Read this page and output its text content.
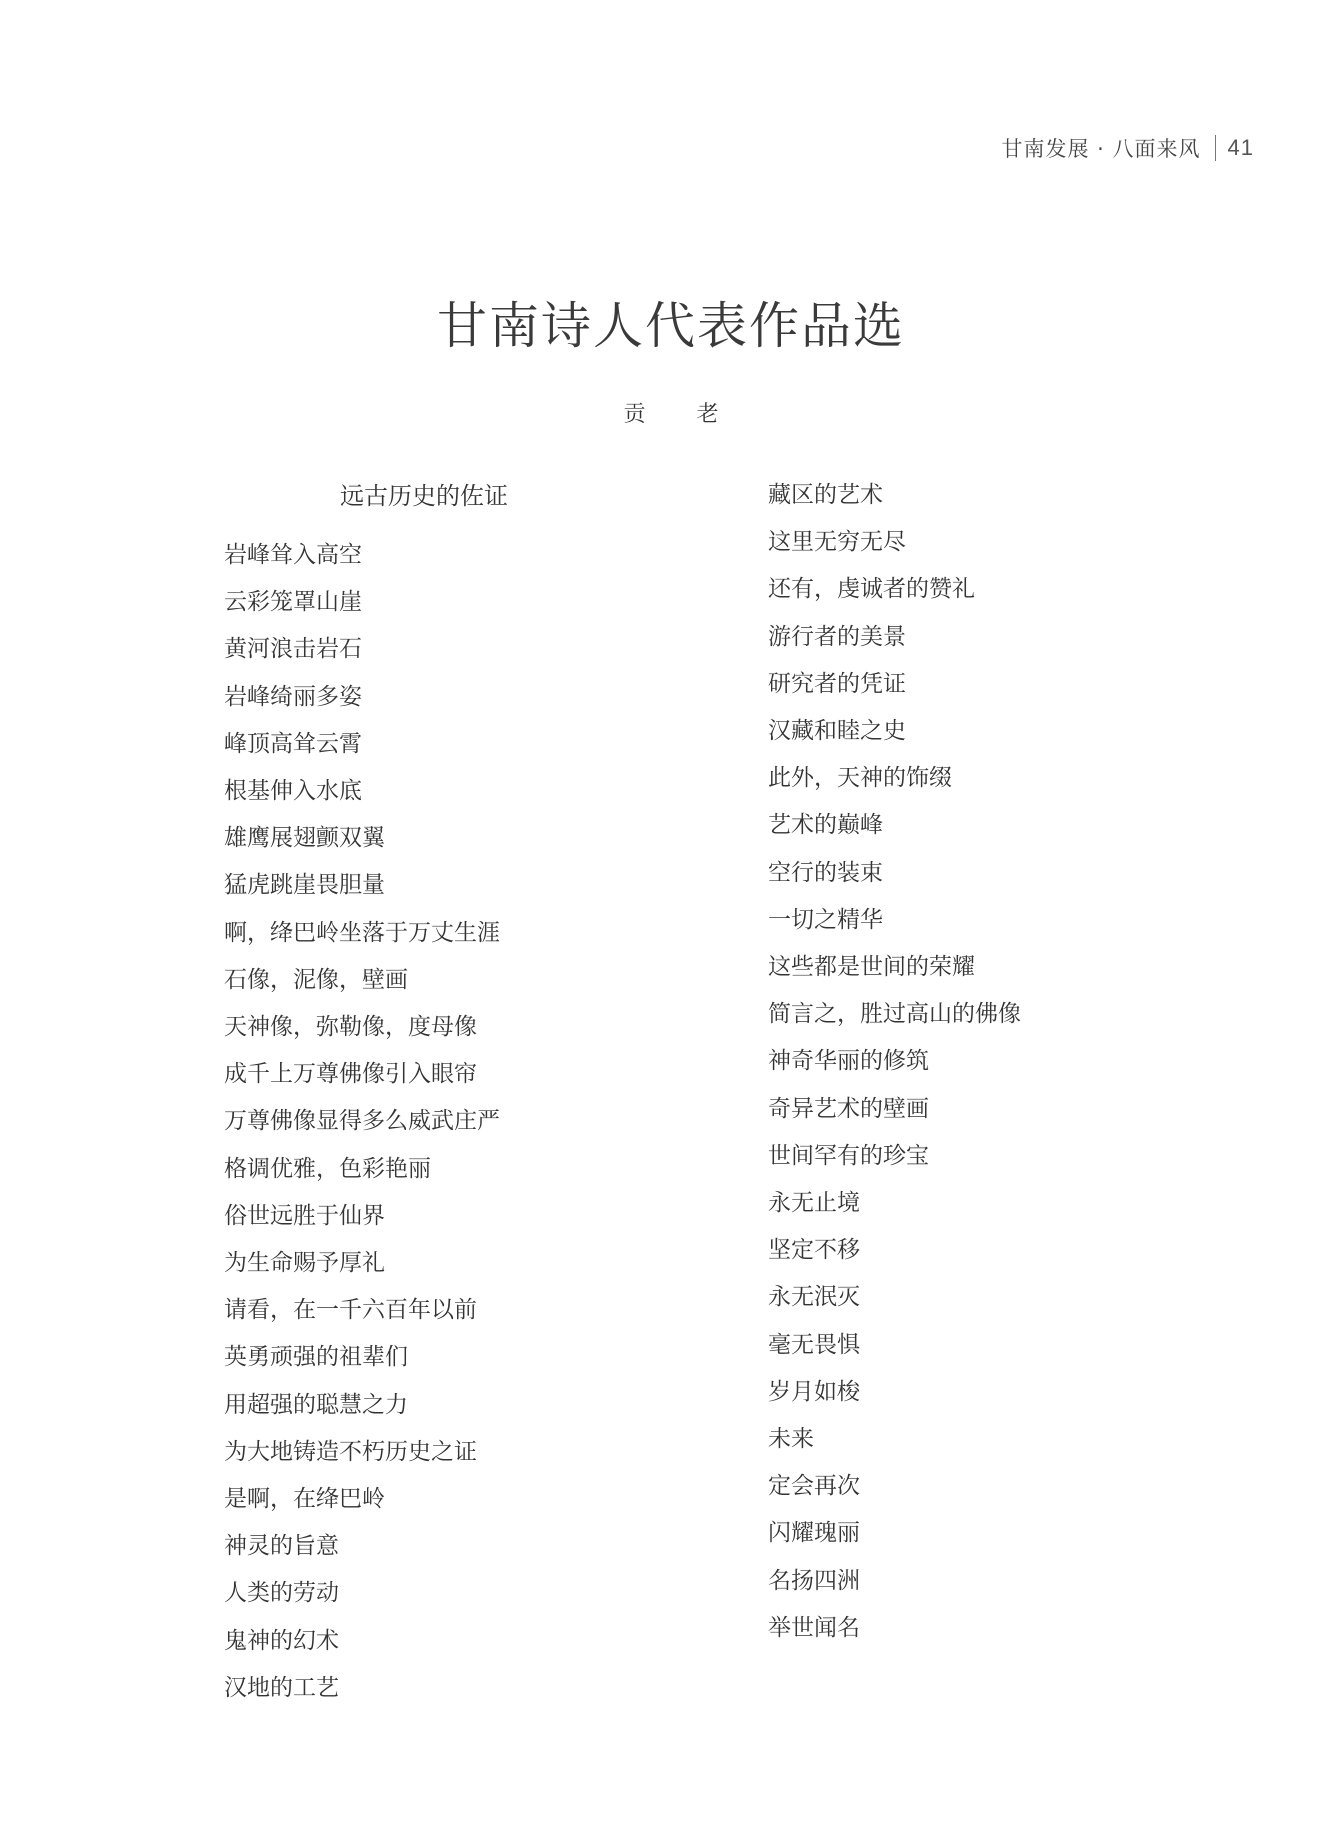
甘南发展 · 八面来风 41
甘南诗人代表作品选
贡 老
远古历史的佐证
岩峰耸入高空
云彩笼罩山崖
黄河浪击岩石
岩峰绮丽多姿
峰顶高耸云霄
根基伸入水底
雄鹰展翅颤双翼
猛虎跳崖畏胆量
啊，绛巴岭坐落于万丈生涯
石像，泥像，壁画
天神像，弥勒像，度母像
成千上万尊佛像引入眼帘
万尊佛像显得多么威武庄严
格调优雅，色彩艳丽
俗世远胜于仙界
为生命赐予厚礼
请看，在一千六百年以前
英勇顽强的祖辈们
用超强的聪慧之力
为大地铸造不朽历史之证
是啊，在绛巴岭
神灵的旨意
人类的劳动
鬼神的幻术
汉地的工艺
藏区的艺术
这里无穷无尽
还有，虔诚者的赞礼
游行者的美景
研究者的凭证
汉藏和睦之史
此外，天神的饰缀
艺术的巅峰
空行的装束
一切之精华
这些都是世间的荣耀
简言之，胜过高山的佛像
神奇华丽的修筑
奇异艺术的壁画
世间罕有的珍宝
永无止境
坚定不移
永无泯灭
毫无畏惧
岁月如梭
未来
定会再次
闪耀瑰丽
名扬四洲
举世闻名
